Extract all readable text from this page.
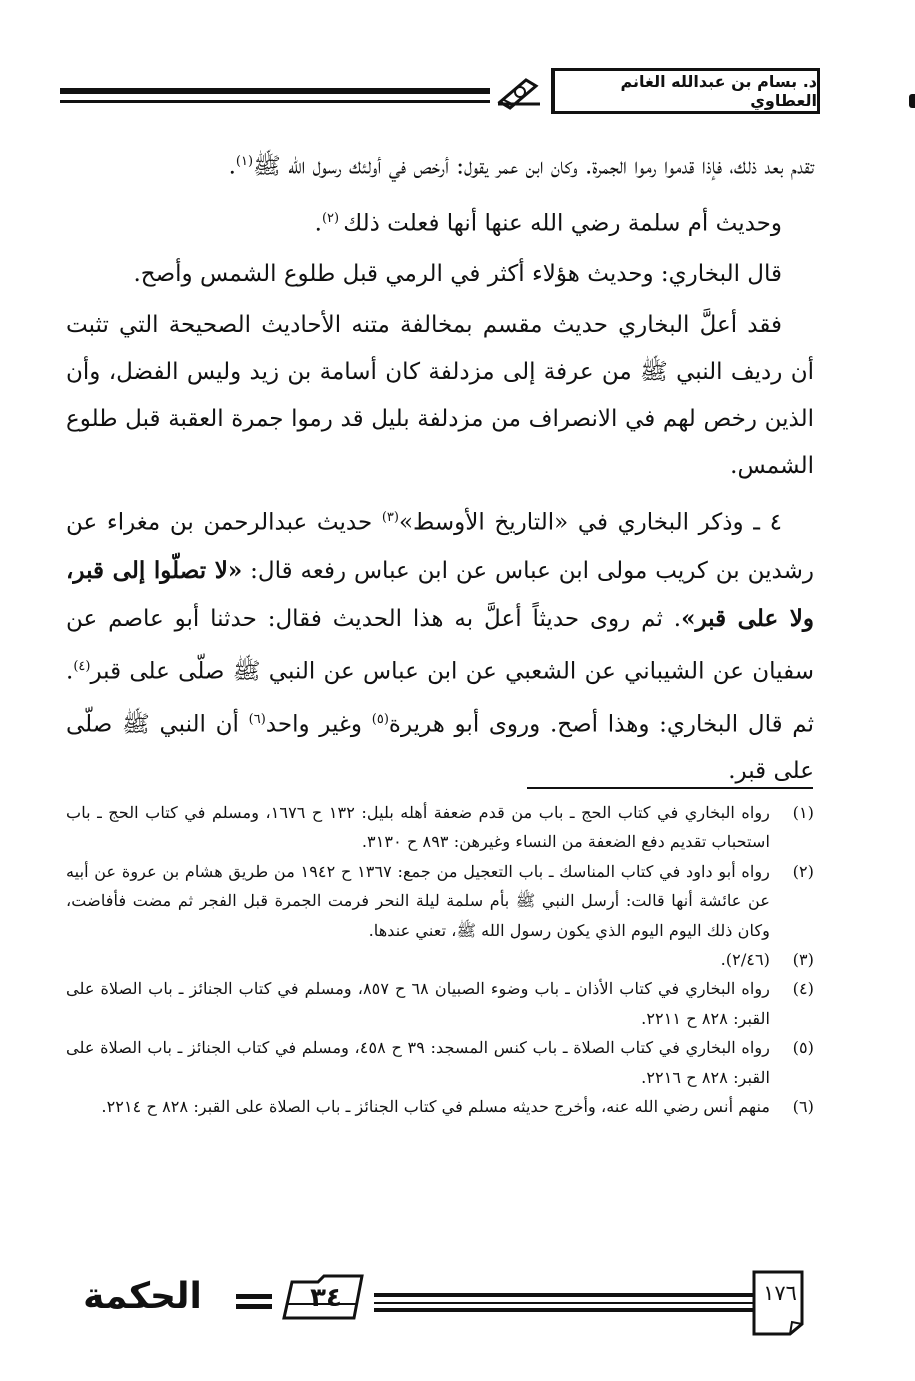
د. بسام بن عبدالله الغانم العطاوي

تقدم بعد ذلك، فإذا قدموا رموا الجمرة. وكان ابن عمر يقول: أرخص في أولئك رسول الله ﷺ$^{(١)}$.

وحديث أم سلمة رضي الله عنها أنها فعلت ذلك $^{(٢)}$.

قال البخاري: وحديث هؤلاء أكثر في الرمي قبل طلوع الشمس وأصح.

فقد أعلَّ البخاري حديث مقسم بمخالفة متنه الأحاديث الصحيحة التي تثبت أن رديف النبي ﷺ من عرفة إلى مزدلفة كان أسامة بن زيد وليس الفضل، وأن الذين رخص لهم في الانصراف من مزدلفة بليل قد رموا جمرة العقبة قبل طلوع الشمس.

٤ ـ وذكر البخاري في «التاريخ الأوسط»$^{(٣)}$ حديث عبدالرحمن بن مغراء عن رشدين بن كريب مولى ابن عباس عن ابن عباس رفعه قال: «لا تصلّوا إلى قبر، ولا على قبر». ثم روى حديثاً أعلَّ به هذا الحديث فقال: حدثنا أبو عاصم عن سفيان عن الشيباني عن الشعبي عن ابن عباس عن النبي ﷺ صلّى على قبر$^{(٤)}$. ثم قال البخاري: وهذا أصح. وروى أبو هريرة$^{(٥)}$ وغير واحد$^{(٦)}$ أن النبي ﷺ صلّى على قبر.

(١)
رواه البخاري في كتاب الحج ـ باب من قدم ضعفة أهله بليل: ١٣٢ ح ١٦٧٦، ومسلم في كتاب الحج ـ باب استحباب تقديم دفع الضعفة من النساء وغيرهن: ٨٩٣ ح ٣١٣٠.
(٢)
رواه أبو داود في كتاب المناسك ـ باب التعجيل من جمع: ١٣٦٧ ح ١٩٤٢ من طريق هشام بن عروة عن أبيه عن عائشة أنها قالت: أرسل النبي ﷺ بأم سلمة ليلة النحر فرمت الجمرة قبل الفجر ثم مضت فأفاضت، وكان ذلك اليوم اليوم الذي يكون رسول الله ﷺ، تعني عندها.
(٣)
(٢/٤٦).
(٤)
رواه البخاري في كتاب الأذان ـ باب وضوء الصبيان ٦٨ ح ٨٥٧، ومسلم في كتاب الجنائز ـ باب الصلاة على القبر: ٨٢٨ ح ٢٢١١.
(٥)
رواه البخاري في كتاب الصلاة ـ باب كنس المسجد: ٣٩ ح ٤٥٨، ومسلم في كتاب الجنائز ـ باب الصلاة على القبر: ٨٢٨ ح ٢٢١٦.
(٦)
منهم أنس رضي الله عنه، وأخرج حديثه مسلم في كتاب الجنائز ـ باب الصلاة على القبر: ٨٢٨ ح ٢٢١٤.
الحكمة	٣٤	١٧٦
